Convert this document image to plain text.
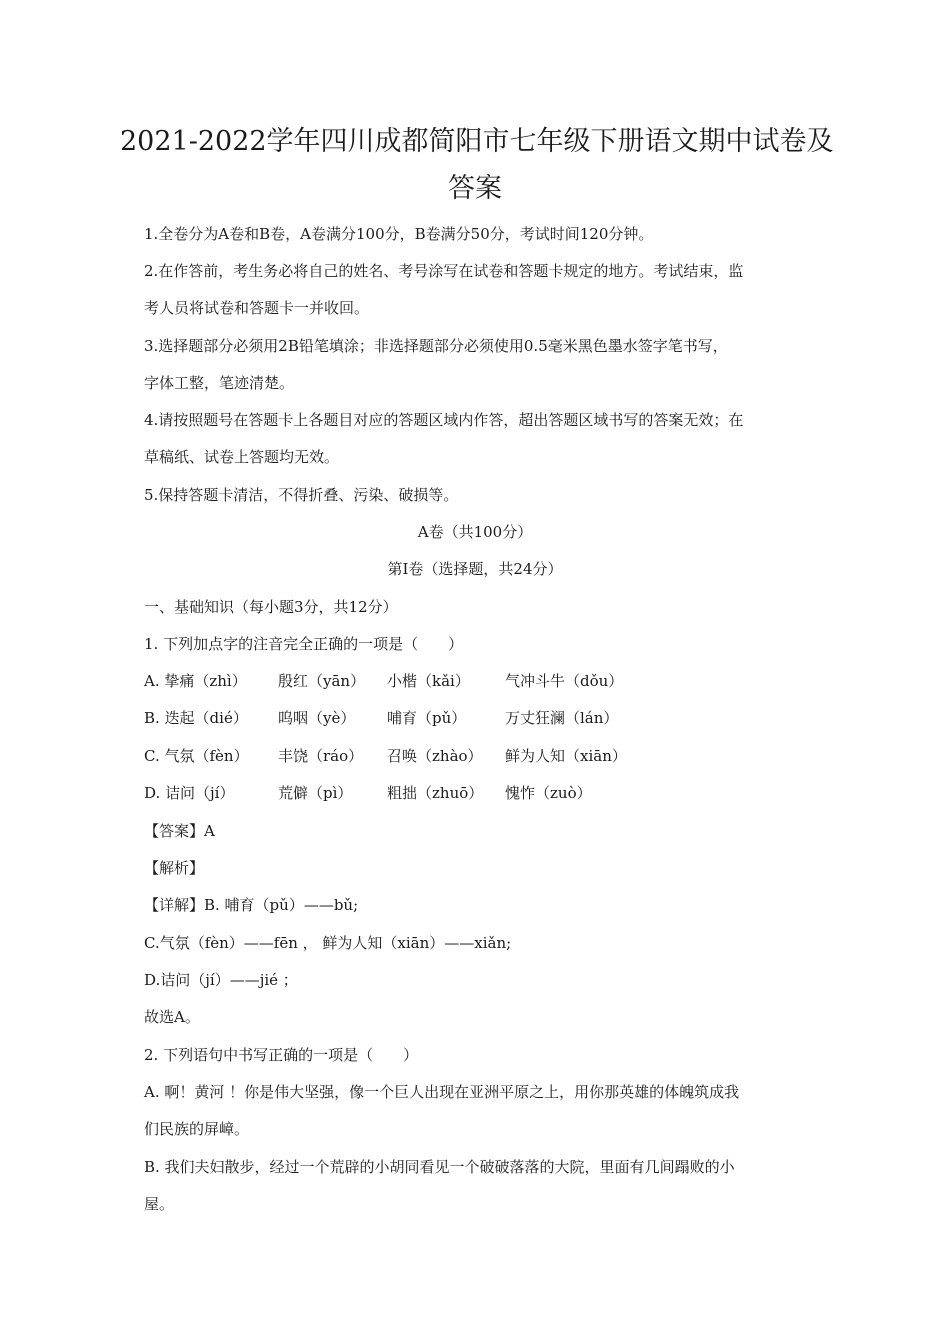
2021-2022学年四川成都简阳市七年级下册语文期中试卷及
答案
1.全卷分为A卷和B卷，A卷满分100分，B卷满分50分，考试时间120分钟。
2.在作答前，考生务必将自己的姓名、考号涂写在试卷和答题卡规定的地方。考试结束，监
考人员将试卷和答题卡一并收回。
3.选择题部分必须用2B铅笔填涂；非选择题部分必须使用0.5毫米黑色墨水签字笔书写，
字体工整，笔迹清楚。
4.请按照题号在答题卡上各题目对应的答题区域内作答，超出答题区域书写的答案无效；在
草稿纸、试卷上答题均无效。
5.保持答题卡清洁，不得折叠、污染、破损等。
A卷（共100分）
第Ⅰ卷（选择题，共24分）
一、基础知识（每小题3分，共12分）
1. 下列加点字的注音完全正确的一项是（　　）
A. 挚痛（zhì） 殷红（yān） 小楷（kǎi） 气冲斗牛（dǒu）
B. 迭起（dié） 呜咽（yè） 哺育（pǔ）	万丈狂澜（lán）
C. 气氛（fèn） 丰饶（ráo） 召唤（zhào） 鲜为人知（xiān）
D. 诘问（jí）	荒僻（pì） 粗拙（zhuō） 愧怍（zuò）
【答案】A
【解析】
【详解】B. 哺育（pǔ）——bǔ;
C.气氛（fèn）——fēn ， 鲜为人知（xiān）——xiǎn;
D.诘问（jí）——jié ；
故选A。
2. 下列语句中书写正确的一项是（　　）
A. 啊！黄河 ！你是伟大坚强，像一个巨人出现在亚洲平原之上，用你那英雄的体魄筑成我
们民族的屏嶂。
B. 我们夫妇散步，经过一个荒辟的小胡同看见一个破破落落的大院，里面有几间蹋败的小
屋。
